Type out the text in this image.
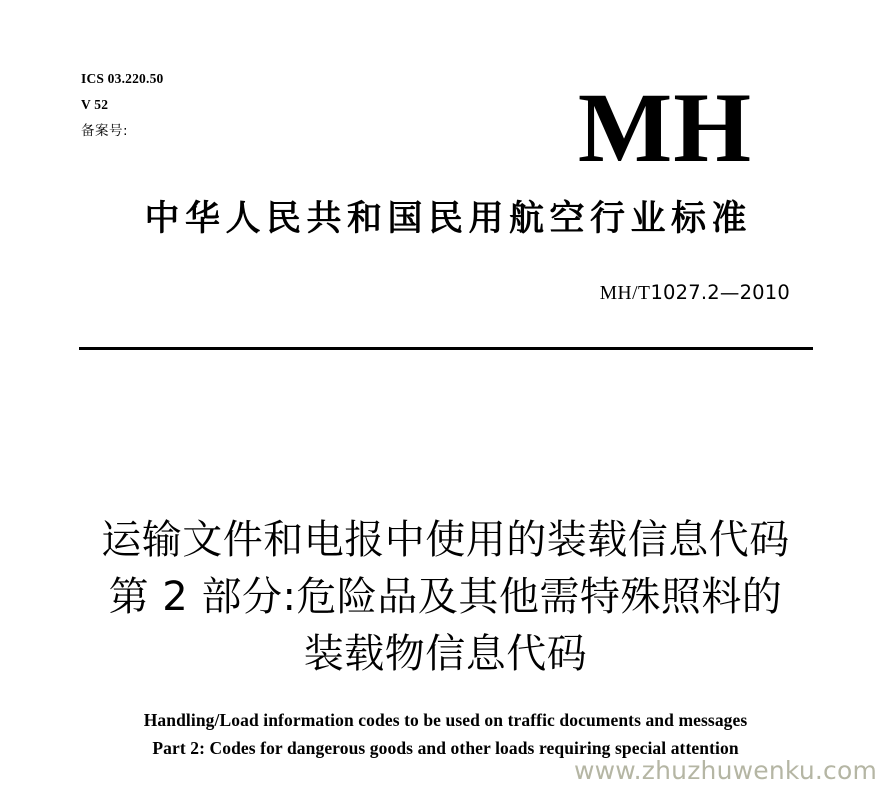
ICS 03.220.50
V 52
备案号:	MH
中华人民共和国民用航空行业标准
MH/T1027.2—2010
运输文件和电报中使用的装载信息代码
第 2 部分:危险品及其他需特殊照料的
装载物信息代码
Handling/Load information codes to be used on traffic documents and messages
Part 2: Codes for dangerous goods and other loads requiring special attention
www.zhuzhuwenku.com
